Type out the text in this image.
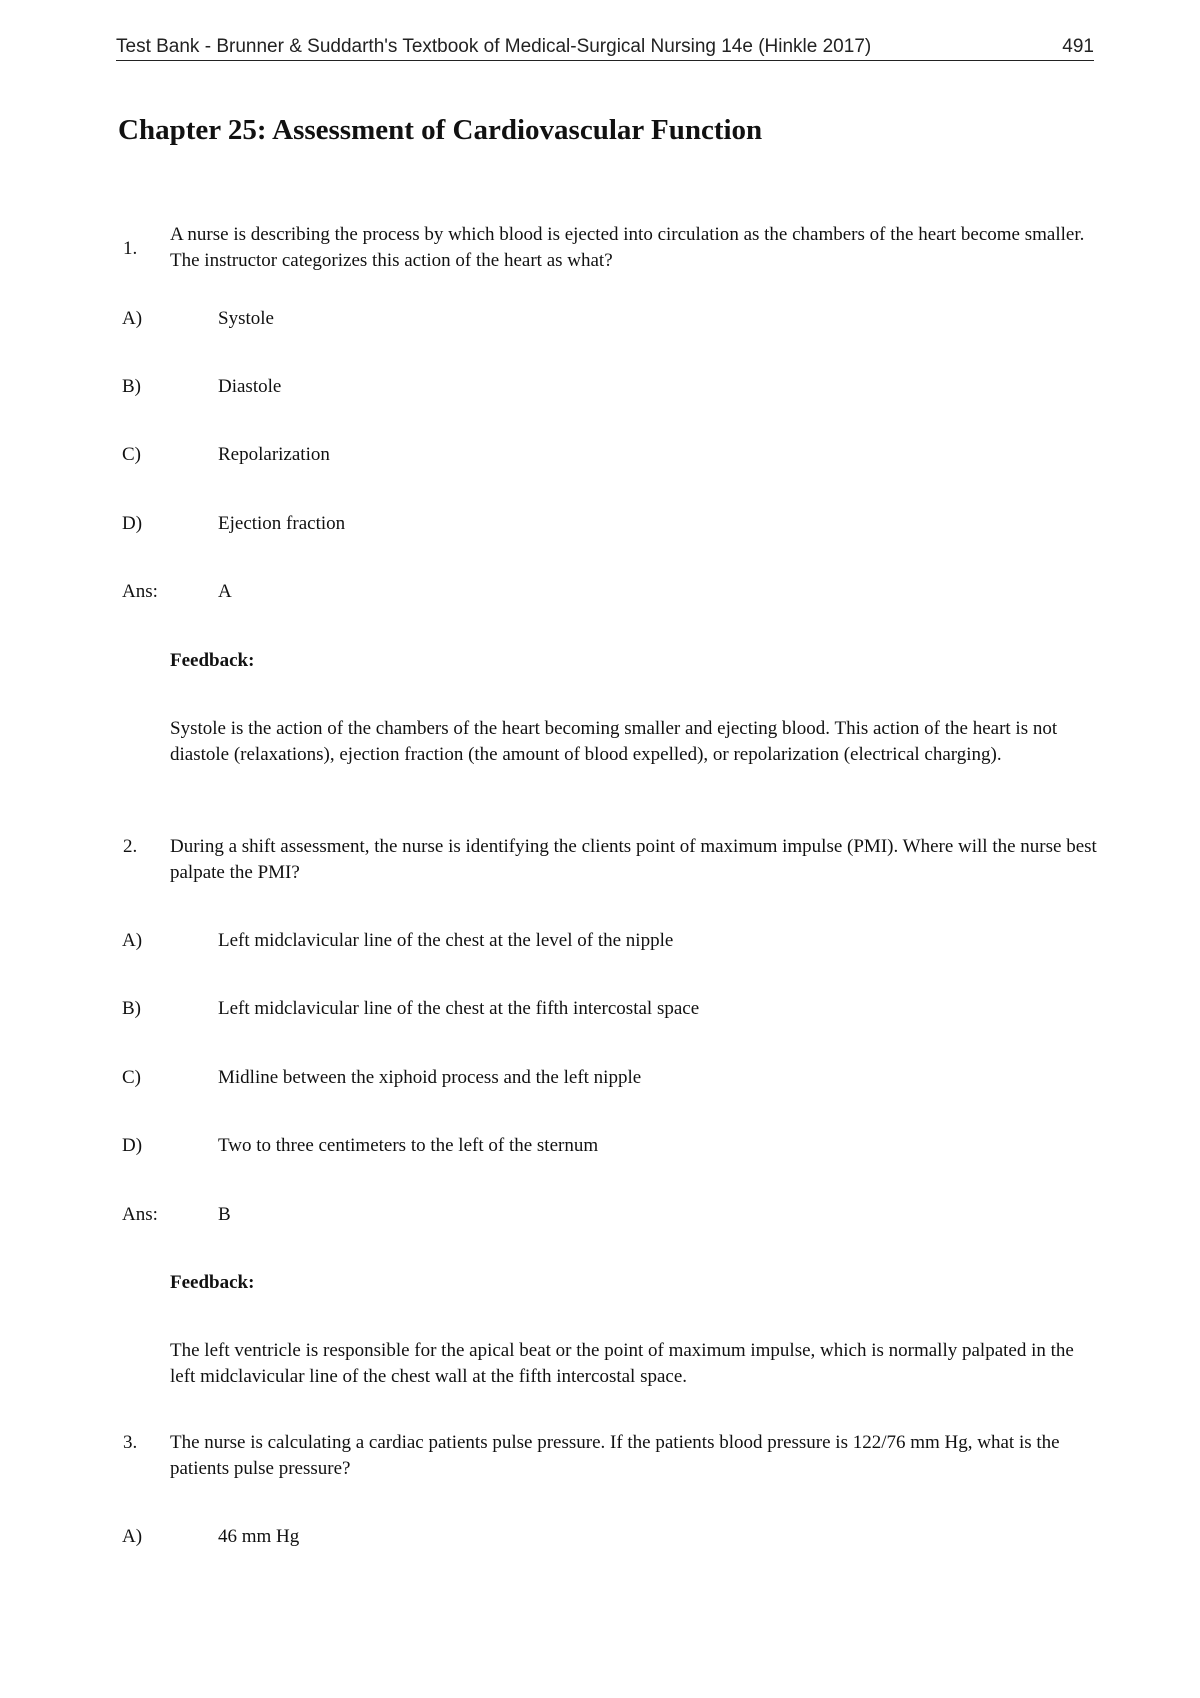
Test Bank - Brunner & Suddarth's Textbook of Medical-Surgical Nursing 14e (Hinkle 2017)	491
Chapter 25: Assessment of Cardiovascular Function
1.
A nurse is describing the process by which blood is ejected into circulation as the chambers of the heart become smaller. The instructor categorizes this action of the heart as what?
A)	Systole
B)	Diastole
C)	Repolarization
D)	Ejection fraction
Ans:	A
Feedback:
Systole is the action of the chambers of the heart becoming smaller and ejecting blood. This action of the heart is not diastole (relaxations), ejection fraction (the amount of blood expelled), or repolarization (electrical charging).
2. During a shift assessment, the nurse is identifying the clients point of maximum impulse (PMI). Where will the nurse best palpate the PMI?
A)	Left midclavicular line of the chest at the level of the nipple
B)	Left midclavicular line of the chest at the fifth intercostal space
C)	Midline between the xiphoid process and the left nipple
D)	Two to three centimeters to the left of the sternum
Ans:	B
Feedback:
The left ventricle is responsible for the apical beat or the point of maximum impulse, which is normally palpated in the left midclavicular line of the chest wall at the fifth intercostal space.
3. The nurse is calculating a cardiac patients pulse pressure. If the patients blood pressure is 122/76 mm Hg, what is the patients pulse pressure?
A)	46 mm Hg
